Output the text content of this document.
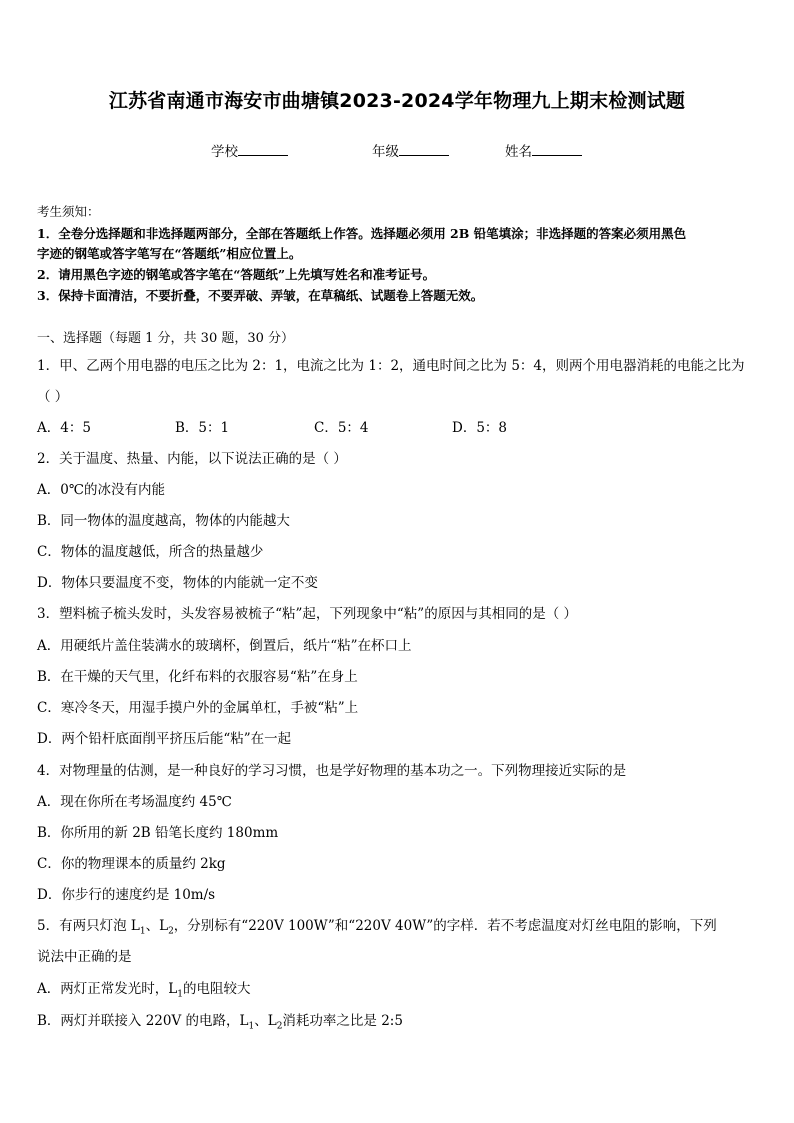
江苏省南通市海安市曲塘镇2023-2024学年物理九上期末检测试题
学校	年级	姓名
考生须知：
1．全卷分选择题和非选择题两部分，全部在答题纸上作答。选择题必须用 2B 铅笔填涂；非选择题的答案必须用黑色
字迹的钢笔或答字笔写在“答题纸”相应位置上。
2．请用黑色字迹的钢笔或答字笔在“答题纸”上先填写姓名和准考证号。
3．保持卡面清洁，不要折叠，不要弄破、弄皱，在草稿纸、试题卷上答题无效。
一、选择题（每题 1 分，共 30 题，30 分）
1．甲、乙两个用电器的电压之比为 2：1，电流之比为 1：2，通电时间之比为 5：4，则两个用电器消耗的电能之比为
（ ）
A．4：5	B．5：1	C．5：4	D．5：8
2．关于温度、热量、内能，以下说法正确的是（ ）
A．0℃的冰没有内能
B．同一物体的温度越高，物体的内能越大
C．物体的温度越低，所含的热量越少
D．物体只要温度不变，物体的内能就一定不变
3．塑料梳子梳头发时，头发容易被梳子“粘”起，下列现象中“粘”的原因与其相同的是（ ）
A．用硬纸片盖住装满水的玻璃杯，倒置后，纸片“粘”在杯口上
B．在干燥的天气里，化纤布料的衣服容易“粘”在身上
C．寒冷冬天，用湿手摸户外的金属单杠，手被“粘”上
D．两个铅杆底面削平挤压后能“粘”在一起
4．对物理量的估测，是一种良好的学习习惯，也是学好物理的基本功之一。下列物理接近实际的是
A．现在你所在考场温度约 45℃
B．你所用的新 2B 铅笔长度约 180mm
C．你的物理课本的质量约 2kg
D．你步行的速度约是 10m/s
5．有两只灯泡 $L_1$、$L_2$，分别标有“220V 100W”和“220V 40W”的字样．若不考虑温度对灯丝电阻的影响，下列
说法中正确的是
A．两灯正常发光时，$L_1$的电阻较大
B．两灯并联接入 220V 的电路，$L_1$、$L_2$消耗功率之比是 2:5
